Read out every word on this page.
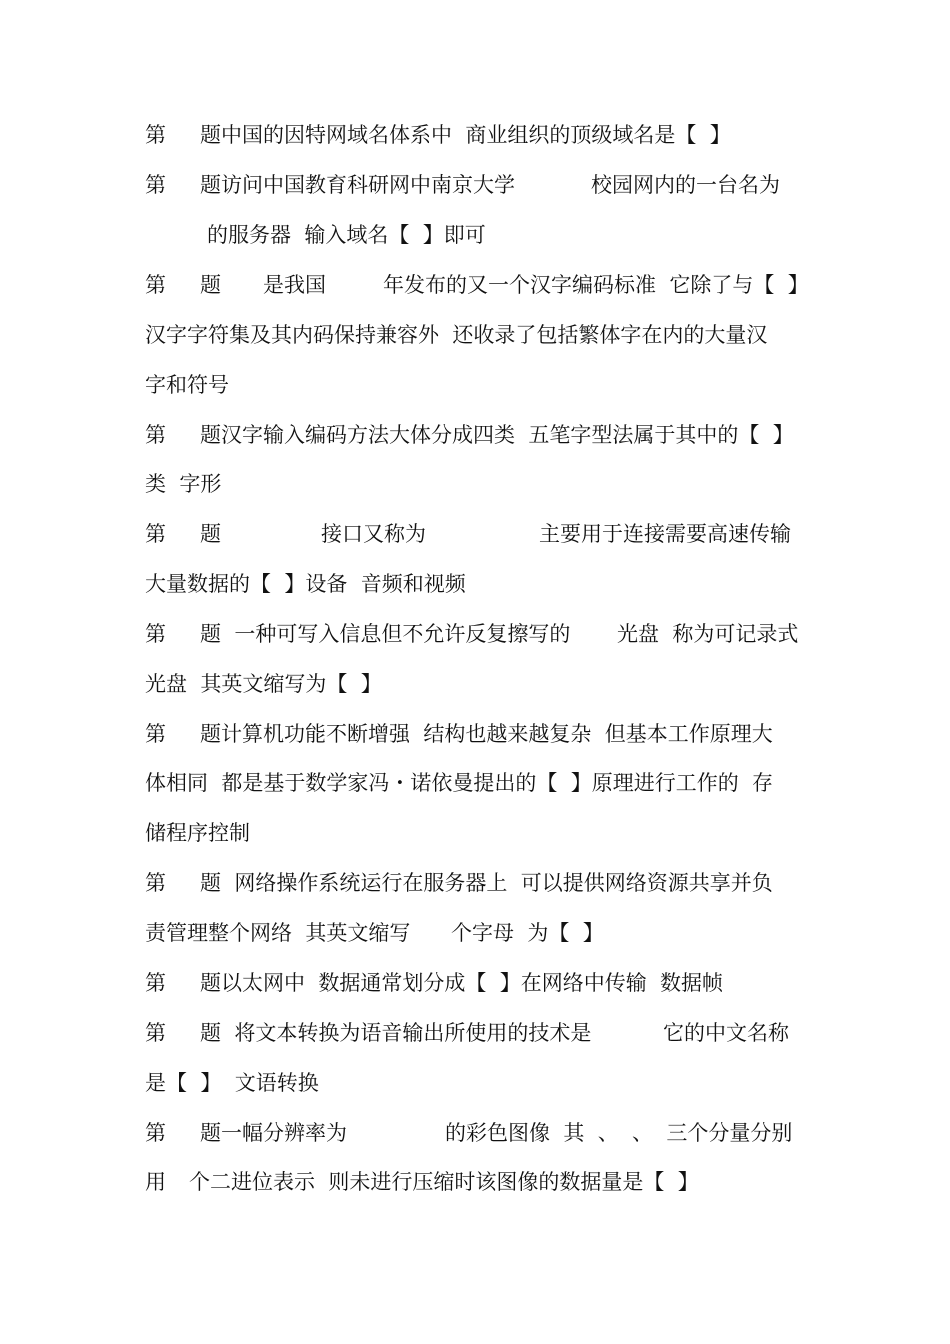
第

题中国的因特网域名体系中  商业组织的顶级域名是【  】

第

题访问中国教育科研网中南京大学

	校园网内的一台名为

的服务器  输入域名【  】即可

第

题

是我国

	年发布的又一个汉字编码标准  它除了与【  】

汉字字符集及其内码保持兼容外  还收录了包括繁体字在内的大量汉

字和符号

第

题汉字输入编码方法大体分成四类  五笔字型法属于其中的【  】

类  字形

第

题

	接口又称为

	主要用于连接需要高速传输

大量数据的【  】设备  音频和视频

第

题  一种可写入信息但不允许反复擦写的

光盘  称为可记录式

光盘  其英文缩写为【  】

第

题计算机功能不断增强  结构也越来越复杂  但基本工作原理大

体相同  都是基于数学家冯・诺依曼提出的【  】原理进行工作的  存

储程序控制

第

题  网络操作系统运行在服务器上  可以提供网络资源共享并负

责管理整个网络  其英文缩写

个字母  为【  】

第

题以太网中  数据通常划分成【  】在网络中传输  数据帧

第

题  将文本转换为语音输出所使用的技术是

	它的中文名称

是【  】  文语转换

第

题一幅分辨率为

	的彩色图像  其  、  、  三个分量分别

用

个二进位表示  则未进行压缩时该图像的数据量是【  】
